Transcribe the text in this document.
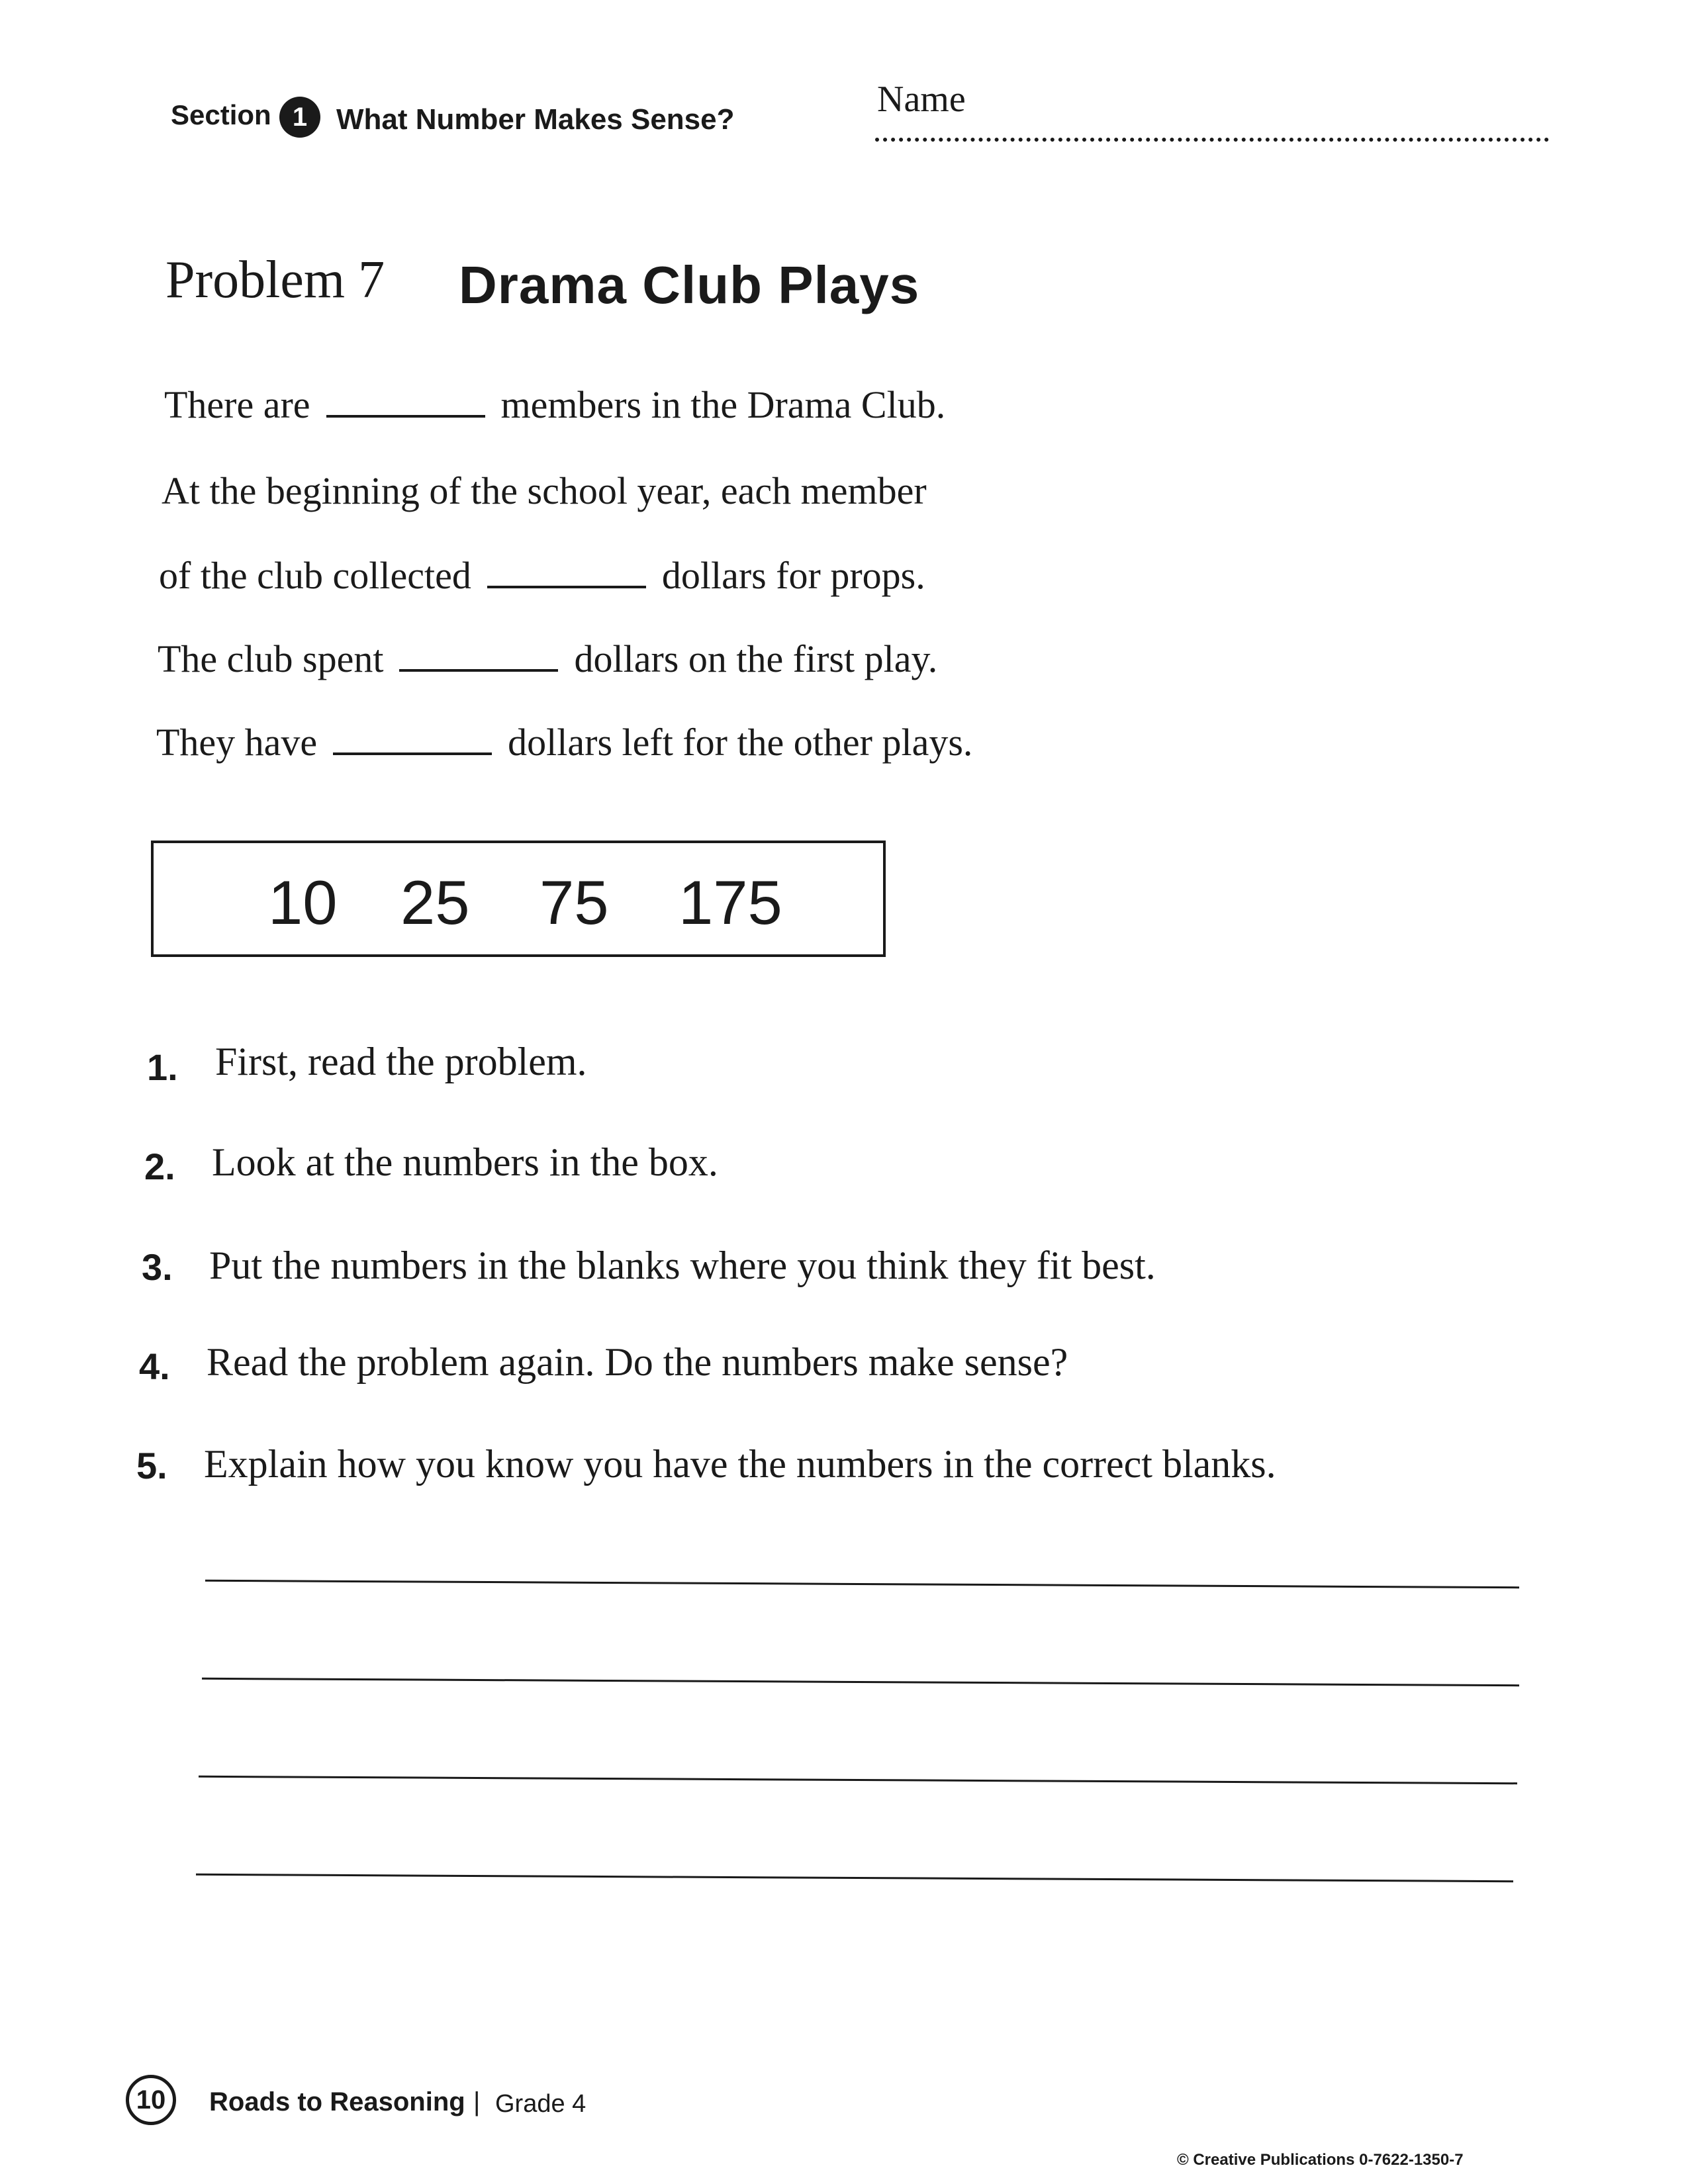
Section 1 What Number Makes Sense?	Name
Problem 7 Drama Club Plays
There are	members in the Drama Club.
At the beginning of the school year, each member
of the club collected	dollars for props.
The club spent	dollars on the first play.
They have	dollars left for the other plays.
10 25 75 175
1. First, read the problem.
2. Look at the numbers in the box.
3. Put the numbers in the blanks where you think they fit best.
4. Read the problem again. Do the numbers make sense?
5. Explain how you know you have the numbers in the correct blanks.
10	Roads to Reasoning | Grade 4
© Creative Publications 0-7622-1350-7
